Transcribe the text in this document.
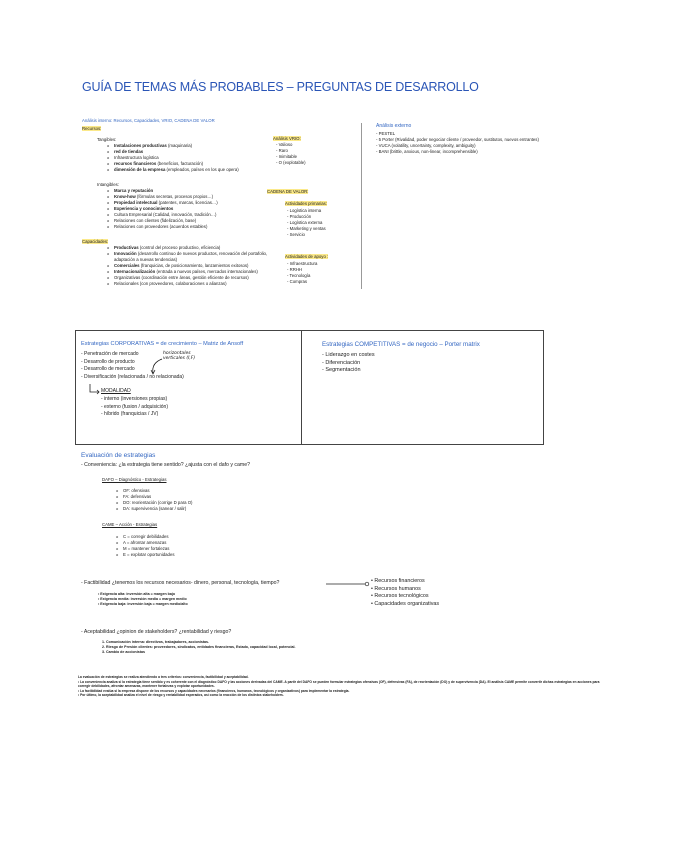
GUÍA DE TEMAS MÁS PROBABLES – PREGUNTAS DE DESARROLLO
Análisis interno: Recursos, Capacidades, VRIO, CADENA DE VALOR
Recursos:
Tangibles:
o Instalaciones productivas (maquinaria)
o red de tiendas
o Infraestructura logística
o recursos financieros (beneficios, facturación)
o dimensión de la empresa (empleados, países en los que opera)
Intangibles:
o Marca y reputación
o Know-how (fórmulas secretas, procesos propios…)
o Propiedad intelectual (patentes, marcas, licencias…)
o Experiencia y conocimientos
o Cultura Empresarial (Calidad, innovación, tradición…)
o Relaciones con clientes (fidelización, base)
o Relaciones con proveedores (acuerdos estables)
Capacidades:
o Productivas (control del proceso productivo, eficiencia)
o Innovación (desarrollo continuo de nuevos productos, renovación del portafolio, adaptación a nuevas tendencias)
o Comerciales (franquicias, de posicionamiento, lanzamientos exitosos)
o Internacionalización (entrada a nuevos países, mercados internacionales)
o Organizativas (coordinación entre áreas, gestión eficiente de recursos)
o Relacionales (con proveedores, colaboraciones o alianzas)
Análisis VRIO:
- Valioso
- Raro
- Inimitable
- O (explotable)
CADENA DE VALOR:
Actividades primarias:
- Logística interna
- Producción
- Logística externa
- Marketing y ventas
- Servicio
Actividades de apoyo :
- Infraestructura
- RRHH
- Tecnología
- Compras
Análisis externo
- PESTEL
- 5 Porter (Rivalidad, poder negociar cliente / proveedor, sustitutos, nuevos entrantes)
- VUCA (volatility, uncertainty, complexity, ambiguity)
- BANI (brittle, anxious, non-linear, incomprehensible)
Estrategias CORPORATIVAS = de crecimiento – Matriz de Ansoff
- Penetración de mercado
- Desarrollo de producto
- Desarrollo de mercado
- Diversificación (relacionada / no relacionada)
horizontales verticales (I,F)
MODALIDAD
- interno (inversiones propias)
- externo (fusion / adquisición)
- híbrido (franquicias / JV)
Estrategias COMPETITIVAS = de negocio – Porter matrix
- Liderazgo en costes
- Diferenciación
- Segmentación
Evaluación de estrategias
- Conveniencia: ¿la estrategia tiene sentido? ¿ajusta con el dafo y came?
DAFO – Diagnóstico - Estrategias
o OF: ofensivas
o FA: defensivas
o DO: reorientación (corrige D para O)
o DA: supervivencia (sanear / salir)
CAME – Acción - Estrategias
o C = corregir debilidades
o A = afrontar amenazas
o M = mantener fortalezas
o E = explotar oportunidades
- Factibilidad ¿tenemos los recursos necesarios- dinero, personal, tecnología, tiempo?	• Recursos financieros
• Recursos humanos
• Recursos tecnológicos
• Capacidades organizativas
• Exigencia alta: inversión alta = margen bajo
• Exigencia media: inversión media = margen medio
• Exigencia baja: inversión baja = margen medio/alto
- Aceptabilidad ¿opinion de stakeholders? ¿rentabilidad y riesgo?
1. Comunicación interna: directivos, trabajadores, accionistas.
2. Riesgo de Presión clientes: proveedores, sindicatos, entidades financieras, Estado, capacidad local, potencial.
3. Cambio de accionistas
La evaluación de estrategias se realiza atendiendo a tres criterios: conveniencia, factibilidad y aceptabilidad.
• La conveniencia analiza si la estrategia tiene sentido y es coherente con el diagnóstico DAFO y las acciones derivadas del CAME. A partir del DAFO se pueden formular estrategias ofensivas (OF), defensivas (FA), de reorientación (DO) y de supervivencia (DA). El análisis CAME permite convertir dichas estrategias en acciones para corregir debilidades, afrontar amenazas, mantener fortalezas y explotar oportunidades.
• La factibilidad evalúa si la empresa dispone de los recursos y capacidades necesarios (financieros, humanos, tecnológicos y organizativos) para implementar la estrategia.
• Por último, la aceptabilidad analiza el nivel de riesgo y rentabilidad esperados, así como la reacción de los distintos stakeholders.
